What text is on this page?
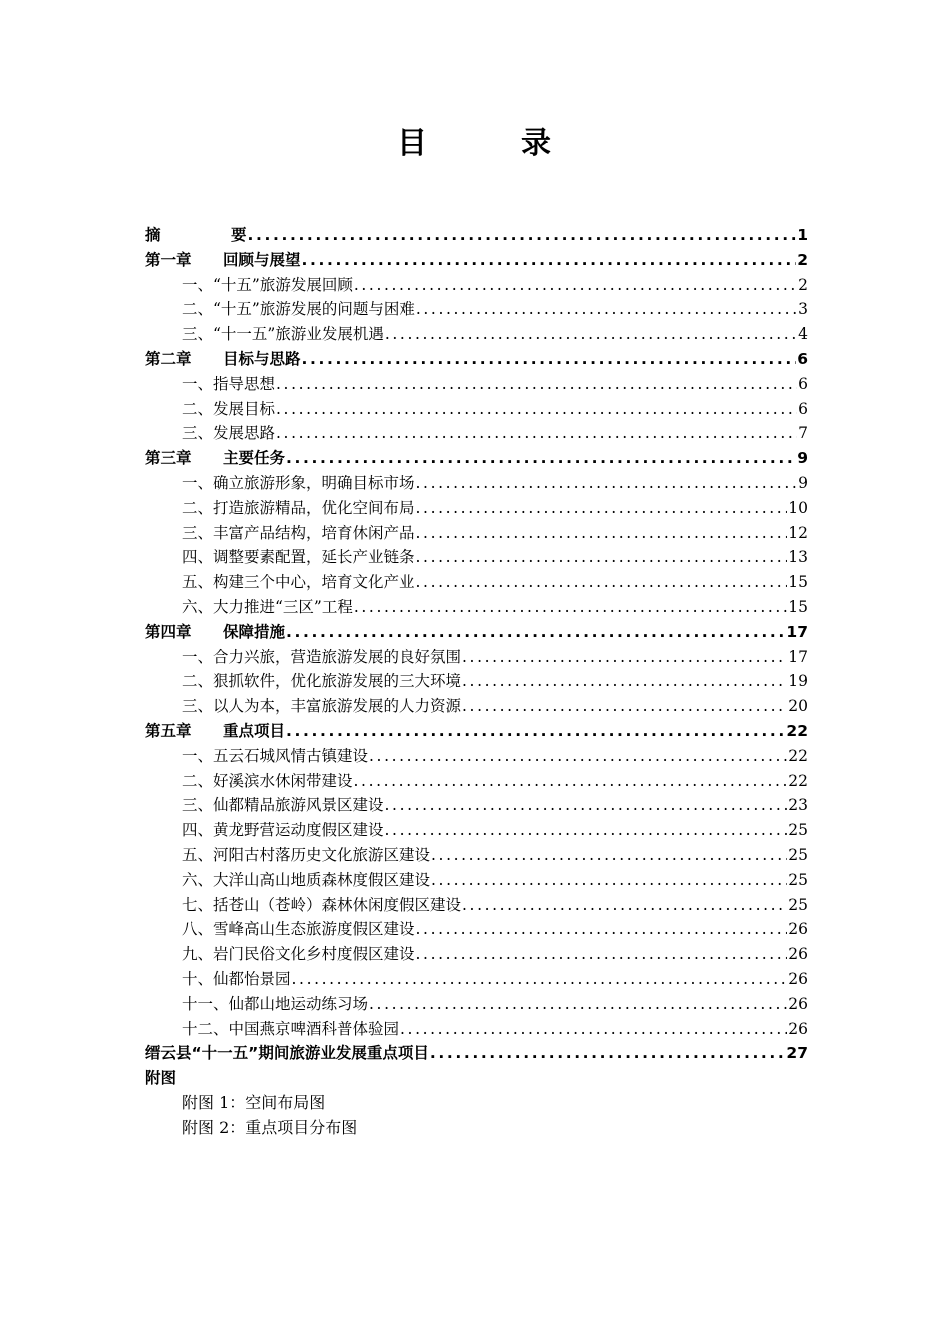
目	录
摘	要 .....	1
第一章 回顾与展望 .....	2
一、“十五”旅游发展回顾 .....	2
二、“十五”旅游发展的问题与困难 .....	3
三、“十一五”旅游业发展机遇 .....	4
第二章 目标与思路 .....	6
一、指导思想 .....	6
二、发展目标 .....	6
三、发展思路 .....	7
第三章 主要任务 .....	9
一、确立旅游形象，明确目标市场 .....	9
二、打造旅游精品，优化空间布局 .....	10
三、丰富产品结构，培育休闲产品 .....	12
四、调整要素配置，延长产业链条 .....	13
五、构建三个中心，培育文化产业 .....	15
六、大力推进“三区”工程 .....	15
第四章 保障措施 .....	17
一、合力兴旅，营造旅游发展的良好氛围 .....	17
二、狠抓软件，优化旅游发展的三大环境 .....	19
三、以人为本，丰富旅游发展的人力资源 .....	20
第五章 重点项目 .....	22
一、五云石城风情古镇建设 .....	22
二、好溪滨水休闲带建设 .....	22
三、仙都精品旅游风景区建设 .....	23
四、黄龙野营运动度假区建设 .....	25
五、河阳古村落历史文化旅游区建设 .....	25
六、大洋山高山地质森林度假区建设 .....	25
七、括苍山（苍岭）森林休闲度假区建设 .....	25
八、雪峰高山生态旅游度假区建设 .....	26
九、岩门民俗文化乡村度假区建设 .....	26
十、仙都怡景园 .....	26
十一、仙都山地运动练习场 .....	26
十二、中国燕京啤酒科普体验园 .....	26
缙云县“十一五”期间旅游业发展重点项目 .....	27
附图
附图 1：空间布局图
附图 2：重点项目分布图
